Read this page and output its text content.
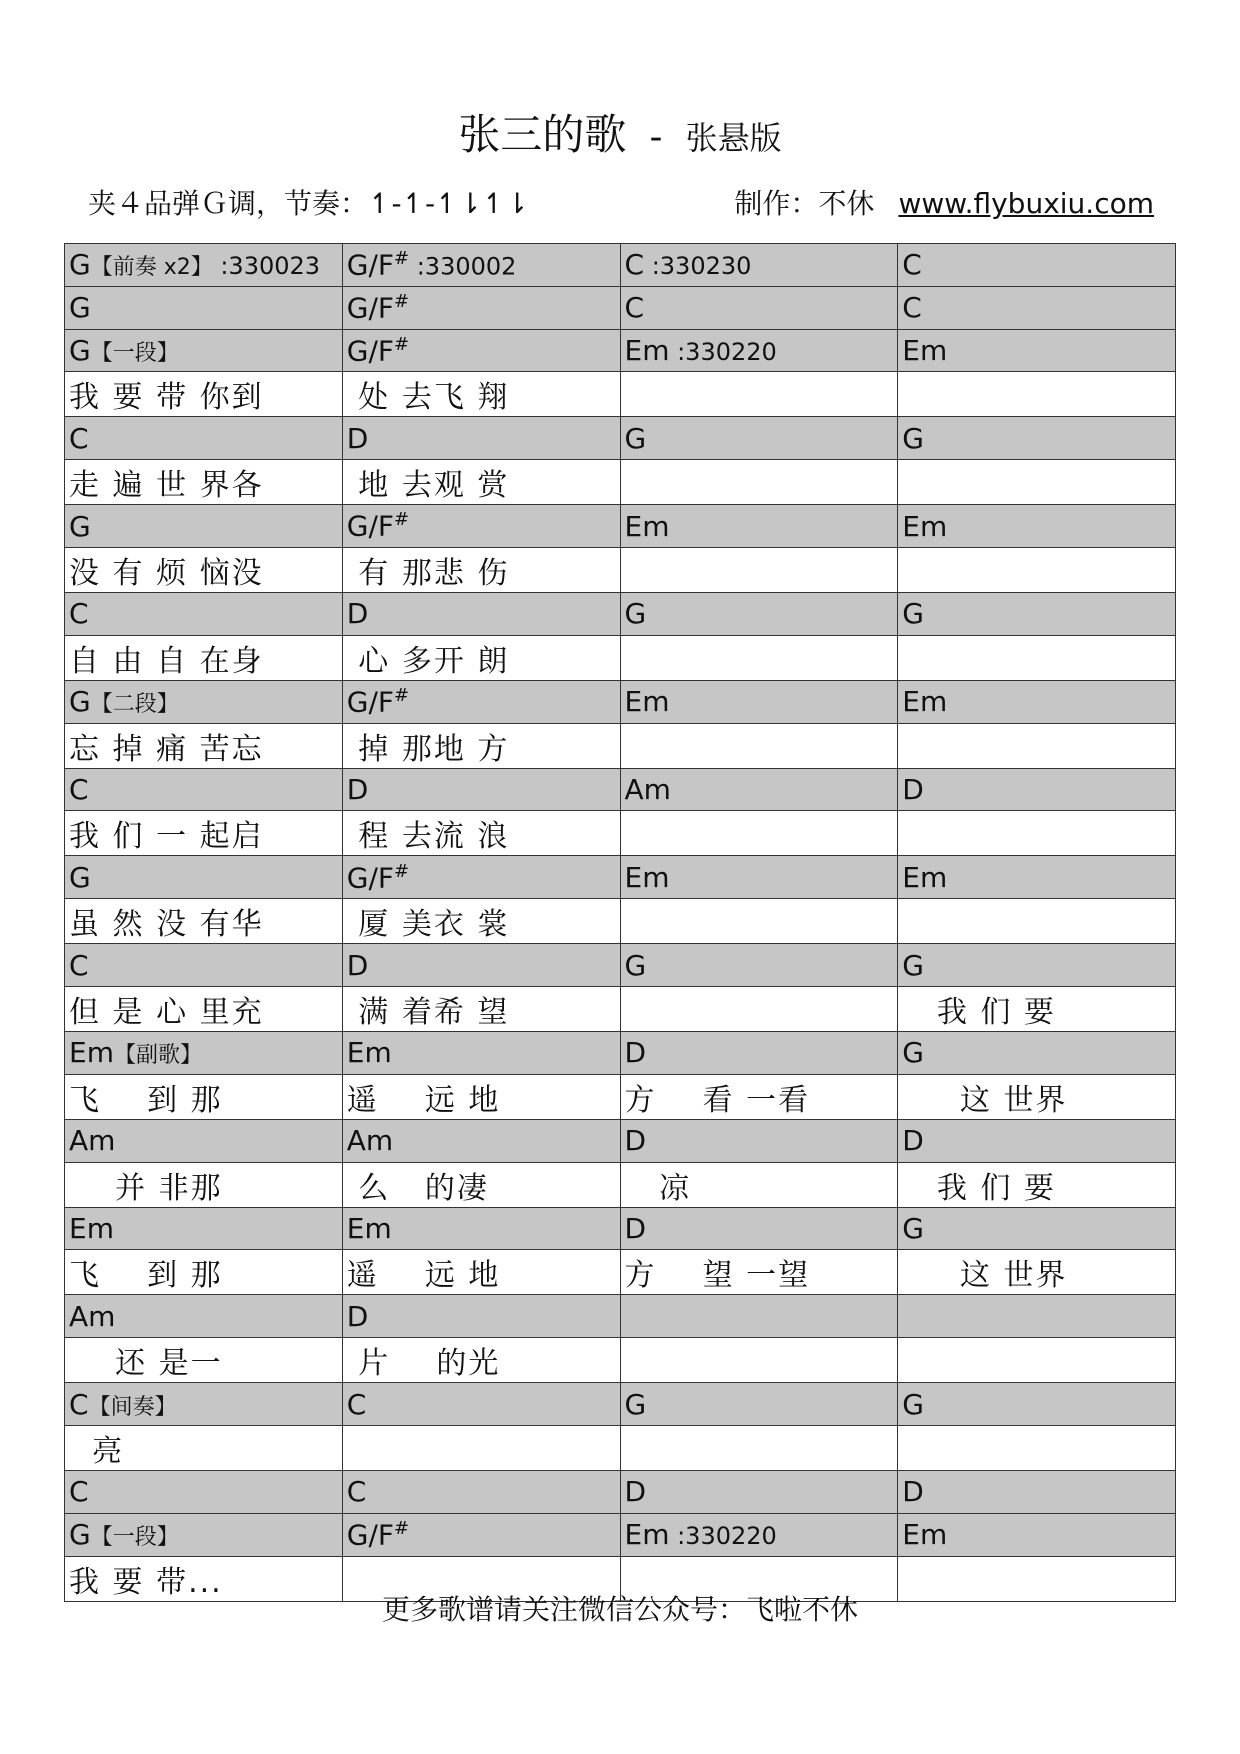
张三的歌 - 张悬版
夹４品弹Ｇ调，节奏：↿-↿-↿⇂↿⇂	制作：不休 www.flybuxiu.com
G【前奏 x2】 :330023	G/F# :330002	C :330230	C
G	G/F#	C	C
G【一段】	G/F#	Em :330220	Em
我 要 带 你到	处 去飞 翔		
C	D	G	G
走 遍 世 界各	地 去观 赏		
G	G/F#	Em	Em
没 有 烦 恼没	有 那悲 伤		
C	D	G	G
自 由 自 在身	心 多开 朗		
G【二段】	G/F#	Em	Em
忘 掉 痛 苦忘	掉 那地 方		
C	D	Am	D
我 们 一 起启	程 去流 浪		
G	G/F#	Em	Em
虽 然 没 有华	厦 美衣 裳		
C	D	G	G
但 是 心 里充	满 着希 望		我 们 要
Em【副歌】	Em	D	G
飞    到 那	遥    远 地	方    看 一看	这 世界
Am	Am	D	D
并 非那	么   的凄	凉	我 们 要
Em	Em	D	G
飞    到 那	遥    远 地	方    望 一望	这 世界
Am	D		
还 是一	片    的光		
C【间奏】	C	G	G
亮			
C	C	D	D
G【一段】	G/F#	Em :330220	Em
我 要 带...			
更多歌谱请关注微信公众号：飞啦不休
